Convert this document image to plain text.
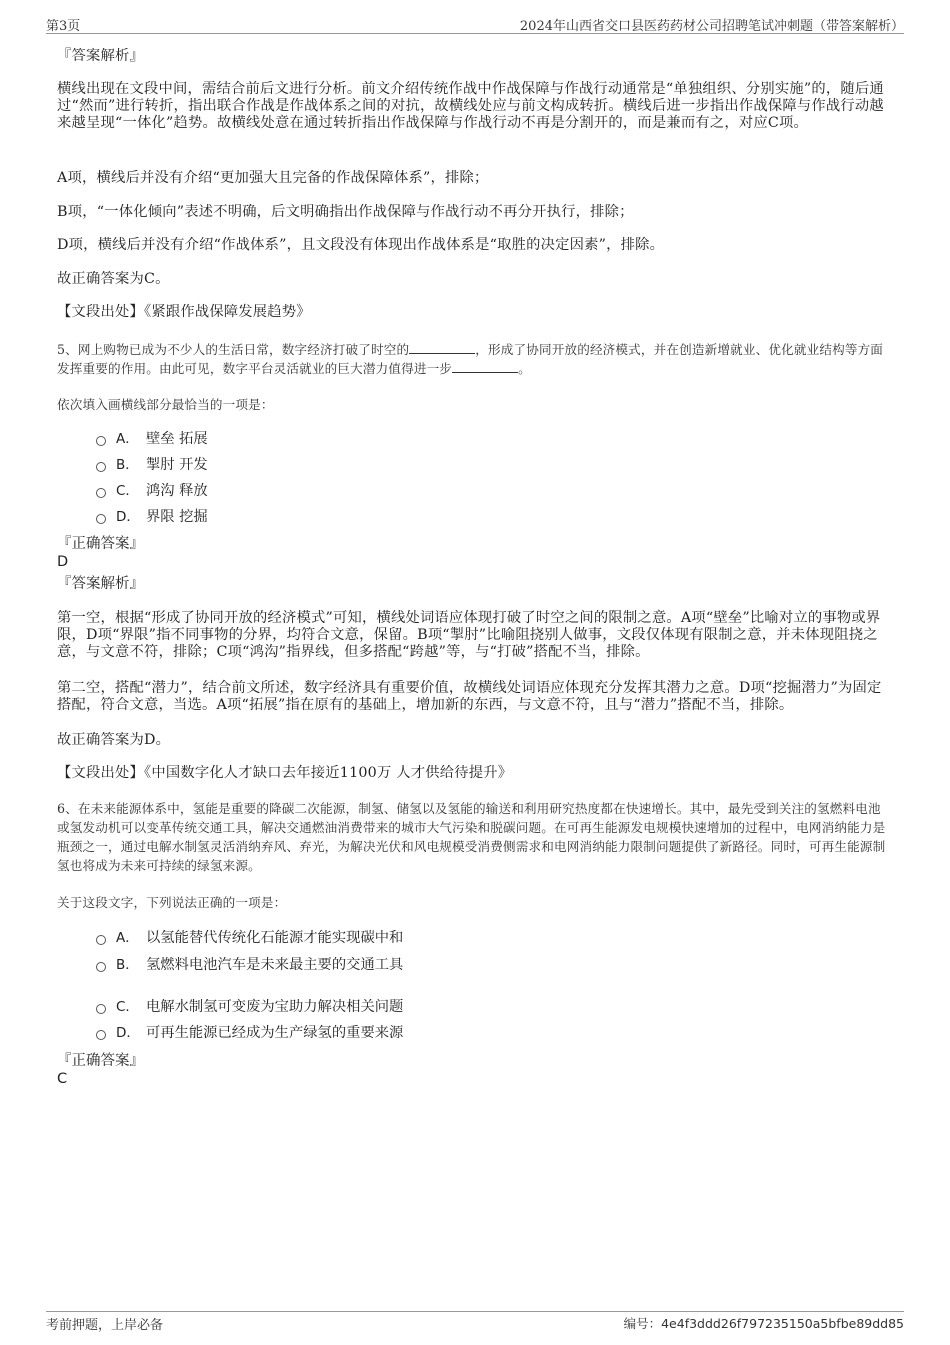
第3页	2024年山西省交口县医药药材公司招聘笔试冲刺题（带答案解析）
『答案解析』
横线出现在文段中间，需结合前后文进行分析。前文介绍传统作战中作战保障与作战行动通常是“单独组织、分别实施”的，随后通过“然而”进行转折，指出联合作战是作战体系之间的对抗，故横线处应与前文构成转折。横线后进一步指出作战保障与作战行动越来越呈现“一体化”趋势。故横线处意在通过转折指出作战保障与作战行动不再是分割开的，而是兼而有之，对应C项。
A项，横线后并没有介绍“更加强大且完备的作战保障体系”，排除；
B项，“一体化倾向”表述不明确，后文明确指出作战保障与作战行动不再分开执行，排除；
D项，横线后并没有介绍“作战体系”，且文段没有体现出作战体系是“取胜的决定因素”，排除。
故正确答案为C。
【文段出处】《紧跟作战保障发展趋势》
5、网上购物已成为不少人的生活日常，数字经济打破了时空的	，形成了协同开放的经济模式，并在创造新增就业、优化就业结构等方面发挥重要的作用。由此可见，数字平台灵活就业的巨大潜力值得进一步	。
依次填入画横线部分最恰当的一项是：
A． 壁垒 拓展
B． 掣肘 开发
C． 鸿沟 释放
D． 界限 挖掘
『正确答案』
D
『答案解析』
第一空，根据“形成了协同开放的经济模式”可知，横线处词语应体现打破了时空之间的限制之意。A项“壁垒”比喻对立的事物或界限，D项“界限”指不同事物的分界，均符合文意，保留。B项“掣肘”比喻阻挠别人做事，文段仅体现有限制之意，并未体现阻挠之意，与文意不符，排除；C项“鸿沟”指界线，但多搭配“跨越”等，与“打破”搭配不当，排除。
第二空，搭配“潜力”，结合前文所述，数字经济具有重要价值，故横线处词语应体现充分发挥其潜力之意。D项“挖掘潜力”为固定搭配，符合文意，当选。A项“拓展”指在原有的基础上，增加新的东西，与文意不符，且与“潜力”搭配不当，排除。
故正确答案为D。
【文段出处】《中国数字化人才缺口去年接近1100万 人才供给待提升》
6、在未来能源体系中，氢能是重要的降碳二次能源，制氢、储氢以及氢能的输送和利用研究热度都在快速增长。其中，最先受到关注的氢燃料电池或氢发动机可以变革传统交通工具，解决交通燃油消费带来的城市大气污染和脱碳问题。在可再生能源发电规模快速增加的过程中，电网消纳能力是瓶颈之一，通过电解水制氢灵活消纳弃风、弃光，为解决光伏和风电规模受消费侧需求和电网消纳能力限制问题提供了新路径。同时，可再生能源制氢也将成为未来可持续的绿氢来源。
关于这段文字，下列说法正确的一项是：
A． 以氢能替代传统化石能源才能实现碳中和
B． 氢燃料电池汽车是未来最主要的交通工具
C． 电解水制氢可变废为宝助力解决相关问题
D． 可再生能源已经成为生产绿氢的重要来源
『正确答案』
C
考前押题，上岸必备	编号：4e4f3ddd26f797235150a5bfbe89dd85
